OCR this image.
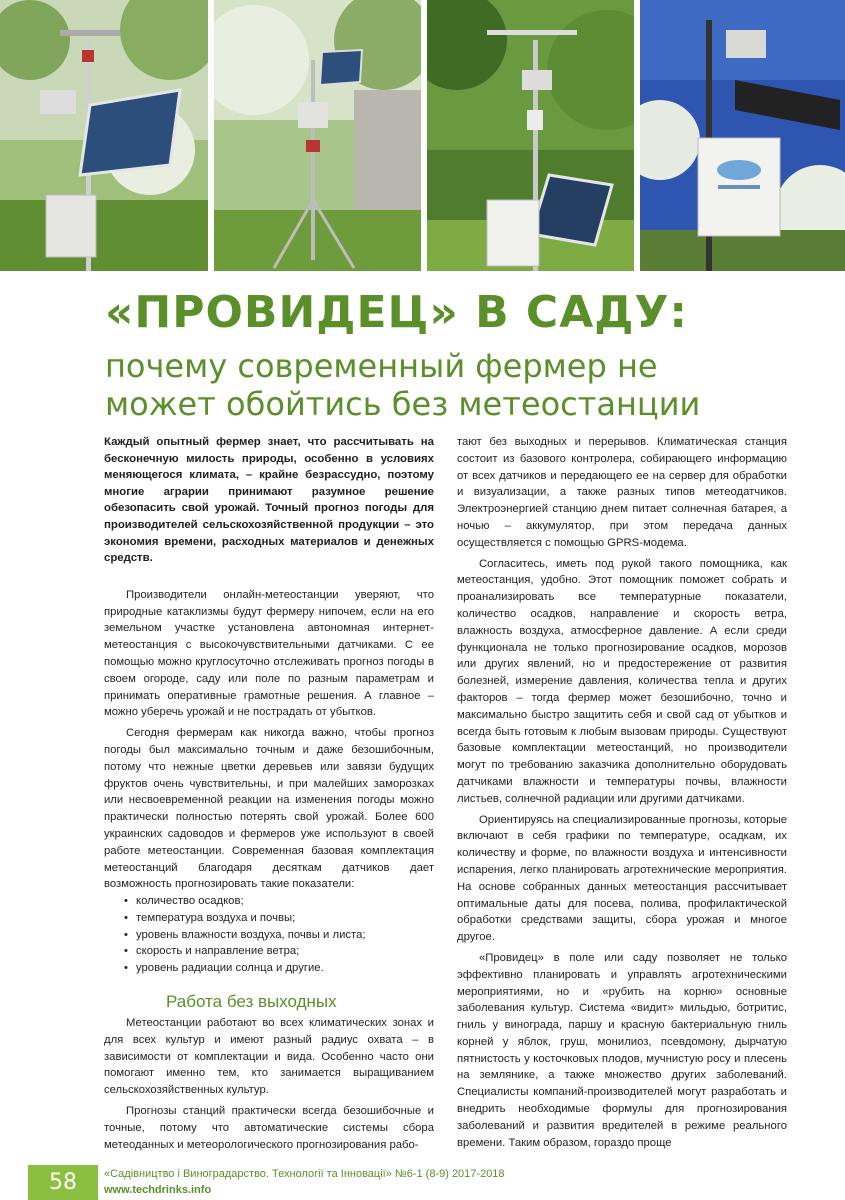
«ПРОВИДЕЦ» В САДУ:
почему современный фермер не
может обойтись без метеостанции

Каждый опытный фермер знает, что рассчитывать на бесконечную милость природы, особенно в условиях меняющегося климата, – крайне безрассудно, поэтому многие аграрии принимают разумное решение обезопасить свой урожай. Точный прогноз погоды для производителей сельскохозяйственной продукции – это экономия времени, расходных материалов и денежных средств.

Производители онлайн-метеостанции уверяют, что природные катаклизмы будут фермеру нипочем, если на его земельном участке установлена автономная интернет-метеостанция с высокочувствительными датчиками. С ее помощью можно круглосуточно отслеживать прогноз погоды в своем огороде, саду или поле по разным параметрам и принимать оперативные грамотные решения. А главное – можно уберечь урожай и не пострадать от убытков.

Сегодня фермерам как никогда важно, чтобы прогноз погоды был максимально точным и даже безошибочным, потому что нежные цветки деревьев или завязи будущих фруктов очень чувствительны, и при малейших заморозках или несвоевременной реакции на изменения погоды можно практически полностью потерять свой урожай. Более 600 украинских садоводов и фермеров уже используют в своей работе метеостанции. Современная базовая комплектация метеостанций благодаря десяткам датчиков дает возможность прогнозировать такие показатели:

• количество осадков;
• температура воздуха и почвы;
• уровень влажности воздуха, почвы и листа;
• скорость и направление ветра;
• уровень радиации солнца и другие.

Работа без выходных

Метеостанции работают во всех климатических зонах и для всех культур и имеют разный радиус охвата – в зависимости от комплектации и вида. Особенно часто они помогают именно тем, кто занимается выращиванием сельскохозяйственных культур.

Прогнозы станций практически всегда безошибочные и точные, потому что автоматические системы сбора метеоданных и метеорологического прогнозирования рабо-

тают без выходных и перерывов. Климатическая станция состоит из базового контролера, собирающего информацию от всех датчиков и передающего ее на сервер для обработки и визуализации, а также разных типов метеодатчиков. Электроэнергией станцию днем питает солнечная батарея, а ночью – аккумулятор, при этом передача данных осуществляется с помощью GPRS-модема.

Согласитесь, иметь под рукой такого помощника, как метеостанция, удобно. Этот помощник поможет собрать и проанализировать все температурные показатели, количество осадков, направление и скорость ветра, влажность воздуха, атмосферное давление. А если среди функционала не только прогнозирование осадков, морозов или других явлений, но и предостережение от развития болезней, измерение давления, количества тепла и других факторов – тогда фермер может безошибочно, точно и максимально быстро защитить себя и свой сад от убытков и всегда быть готовым к любым вызовам природы. Существуют базовые комплектации метеостанций, но производители могут по требованию заказчика дополнительно оборудовать датчиками влажности и температуры почвы, влажности листьев, солнечной радиации или другими датчиками.

Ориентируясь на специализированные прогнозы, которые включают в себя графики по температуре, осадкам, их количеству и форме, по влажности воздуха и интенсивности испарения, легко планировать агротехнические мероприятия. На основе собранных данных метеостанция рассчитывает оптимальные даты для посева, полива, профилактической обработки средствами защиты, сбора урожая и многое другое.

«Провидец» в поле или саду позволяет не только эффективно планировать и управлять агротехническими мероприятиями, но и «рубить на корню» основные заболевания культур. Система «видит» мильдью, ботритис, гниль у винограда, паршу и красную бактериальную гниль корней у яблок, груш, монилиоз, псевдомону, дырчатую пятнистость у косточковых плодов, мучнистую росу и плесень на землянике, а также множество других заболеваний. Специалисты компаний-производителей могут разработать и внедрить необходимые формулы для прогнозирования заболеваний и развития вредителей в режиме реального времени. Таким образом, гораздо проще

58	«Садівництво і Виноградарство. Технології та Інновації» №6-1 (8-9) 2017-2018
www.techdrinks.info
